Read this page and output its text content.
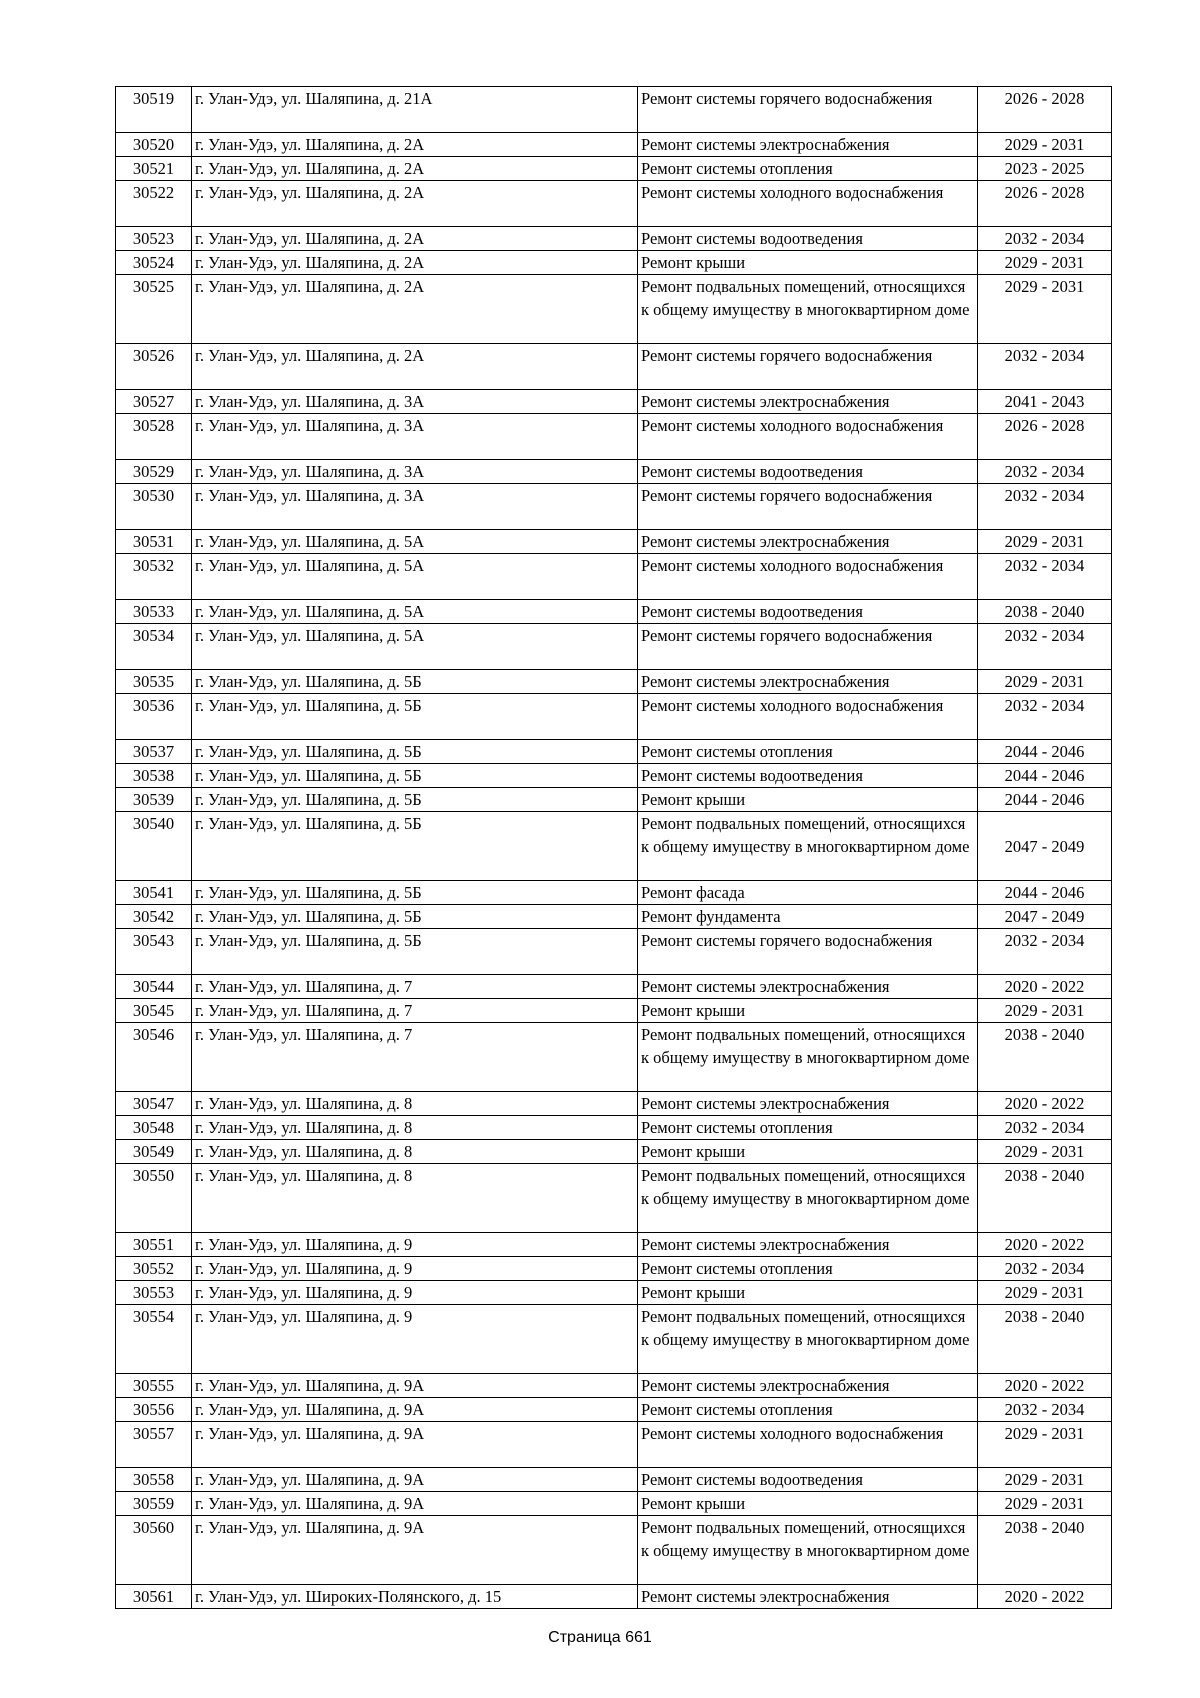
30519	г. Улан-Удэ, ул. Шаляпина, д. 21А	Ремонт системы горячего водоснабжения	2026 - 2028
30520	г. Улан-Удэ, ул. Шаляпина, д. 2А	Ремонт системы электроснабжения	2029 - 2031
30521	г. Улан-Удэ, ул. Шаляпина, д. 2А	Ремонт системы отопления	2023 - 2025
30522	г. Улан-Удэ, ул. Шаляпина, д. 2А	Ремонт системы холодного водоснабжения	2026 - 2028
30523	г. Улан-Удэ, ул. Шаляпина, д. 2А	Ремонт системы водоотведения	2032 - 2034
30524	г. Улан-Удэ, ул. Шаляпина, д. 2А	Ремонт крыши	2029 - 2031
30525	г. Улан-Удэ, ул. Шаляпина, д. 2А	Ремонт подвальных помещений, относящихся к общему имуществу в многоквартирном доме	2029 - 2031
30526	г. Улан-Удэ, ул. Шаляпина, д. 2А	Ремонт системы горячего водоснабжения	2032 - 2034
30527	г. Улан-Удэ, ул. Шаляпина, д. 3А	Ремонт системы электроснабжения	2041 - 2043
30528	г. Улан-Удэ, ул. Шаляпина, д. 3А	Ремонт системы холодного водоснабжения	2026 - 2028
30529	г. Улан-Удэ, ул. Шаляпина, д. 3А	Ремонт системы водоотведения	2032 - 2034
30530	г. Улан-Удэ, ул. Шаляпина, д. 3А	Ремонт системы горячего водоснабжения	2032 - 2034
30531	г. Улан-Удэ, ул. Шаляпина, д. 5А	Ремонт системы электроснабжения	2029 - 2031
30532	г. Улан-Удэ, ул. Шаляпина, д. 5А	Ремонт системы холодного водоснабжения	2032 - 2034
30533	г. Улан-Удэ, ул. Шаляпина, д. 5А	Ремонт системы водоотведения	2038 - 2040
30534	г. Улан-Удэ, ул. Шаляпина, д. 5А	Ремонт системы горячего водоснабжения	2032 - 2034
30535	г. Улан-Удэ, ул. Шаляпина, д. 5Б	Ремонт системы электроснабжения	2029 - 2031
30536	г. Улан-Удэ, ул. Шаляпина, д. 5Б	Ремонт системы холодного водоснабжения	2032 - 2034
30537	г. Улан-Удэ, ул. Шаляпина, д. 5Б	Ремонт системы отопления	2044 - 2046
30538	г. Улан-Удэ, ул. Шаляпина, д. 5Б	Ремонт системы водоотведения	2044 - 2046
30539	г. Улан-Удэ, ул. Шаляпина, д. 5Б	Ремонт крыши	2044 - 2046
30540	г. Улан-Удэ, ул. Шаляпина, д. 5Б	Ремонт подвальных помещений, относящихся к общему имуществу в многоквартирном доме	2047 - 2049
30541	г. Улан-Удэ, ул. Шаляпина, д. 5Б	Ремонт фасада	2044 - 2046
30542	г. Улан-Удэ, ул. Шаляпина, д. 5Б	Ремонт фундамента	2047 - 2049
30543	г. Улан-Удэ, ул. Шаляпина, д. 5Б	Ремонт системы горячего водоснабжения	2032 - 2034
30544	г. Улан-Удэ, ул. Шаляпина, д. 7	Ремонт системы электроснабжения	2020 - 2022
30545	г. Улан-Удэ, ул. Шаляпина, д. 7	Ремонт крыши	2029 - 2031
30546	г. Улан-Удэ, ул. Шаляпина, д. 7	Ремонт подвальных помещений, относящихся к общему имуществу в многоквартирном доме	2038 - 2040
30547	г. Улан-Удэ, ул. Шаляпина, д. 8	Ремонт системы электроснабжения	2020 - 2022
30548	г. Улан-Удэ, ул. Шаляпина, д. 8	Ремонт системы отопления	2032 - 2034
30549	г. Улан-Удэ, ул. Шаляпина, д. 8	Ремонт крыши	2029 - 2031
30550	г. Улан-Удэ, ул. Шаляпина, д. 8	Ремонт подвальных помещений, относящихся к общему имуществу в многоквартирном доме	2038 - 2040
30551	г. Улан-Удэ, ул. Шаляпина, д. 9	Ремонт системы электроснабжения	2020 - 2022
30552	г. Улан-Удэ, ул. Шаляпина, д. 9	Ремонт системы отопления	2032 - 2034
30553	г. Улан-Удэ, ул. Шаляпина, д. 9	Ремонт крыши	2029 - 2031
30554	г. Улан-Удэ, ул. Шаляпина, д. 9	Ремонт подвальных помещений, относящихся к общему имуществу в многоквартирном доме	2038 - 2040
30555	г. Улан-Удэ, ул. Шаляпина, д. 9А	Ремонт системы электроснабжения	2020 - 2022
30556	г. Улан-Удэ, ул. Шаляпина, д. 9А	Ремонт системы отопления	2032 - 2034
30557	г. Улан-Удэ, ул. Шаляпина, д. 9А	Ремонт системы холодного водоснабжения	2029 - 2031
30558	г. Улан-Удэ, ул. Шаляпина, д. 9А	Ремонт системы водоотведения	2029 - 2031
30559	г. Улан-Удэ, ул. Шаляпина, д. 9А	Ремонт крыши	2029 - 2031
30560	г. Улан-Удэ, ул. Шаляпина, д. 9А	Ремонт подвальных помещений, относящихся к общему имуществу в многоквартирном доме	2038 - 2040
30561	г. Улан-Удэ, ул. Широких-Полянского, д. 15	Ремонт системы электроснабжения	2020 - 2022
Страница 661
